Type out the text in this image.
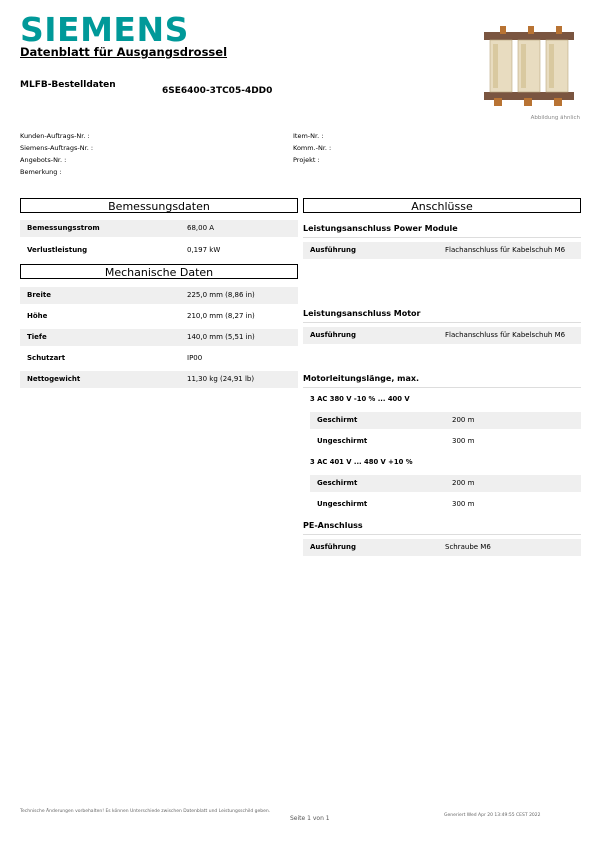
SIEMENS
Datenblatt für Ausgangsdrossel
MLFB-Bestelldaten
6SE6400-3TC05-4DD0
Abbildung ähnlich
Kunden-Auftrags-Nr. :
Siemens-Auftrags-Nr. :
Angebots-Nr. :
Bemerkung :
Item-Nr. :
Komm.-Nr. :
Projekt :
Bemessungsdaten
Bemessungsstrom	68,00 A
Verlustleistung	0,197 kW
Mechanische Daten
Breite	225,0 mm (8,86 in)
Höhe	210,0 mm (8,27 in)
Tiefe	140,0 mm (5,51 in)
Schutzart	IP00
Nettogewicht	11,30 kg (24,91 lb)
Anschlüsse
Leistungsanschluss Power Module
Ausführung	Flachanschluss für Kabelschuh M6
Leistungsanschluss Motor
Ausführung	Flachanschluss für Kabelschuh M6
Motorleitungslänge, max.
3 AC 380 V -10 % ... 400 V
Geschirmt	200 m
Ungeschirmt	300 m
3 AC 401 V ... 480 V +10 %
Geschirmt	200 m
Ungeschirmt	300 m
PE-Anschluss
Ausführung	Schraube M6
Technische Änderungen vorbehalten! Es können Unterschiede zwischen Datenblatt und Leistungsschild geben.
Seite 1 von 1	Generiert Wed Apr 20 13:49:55 CEST 2022
